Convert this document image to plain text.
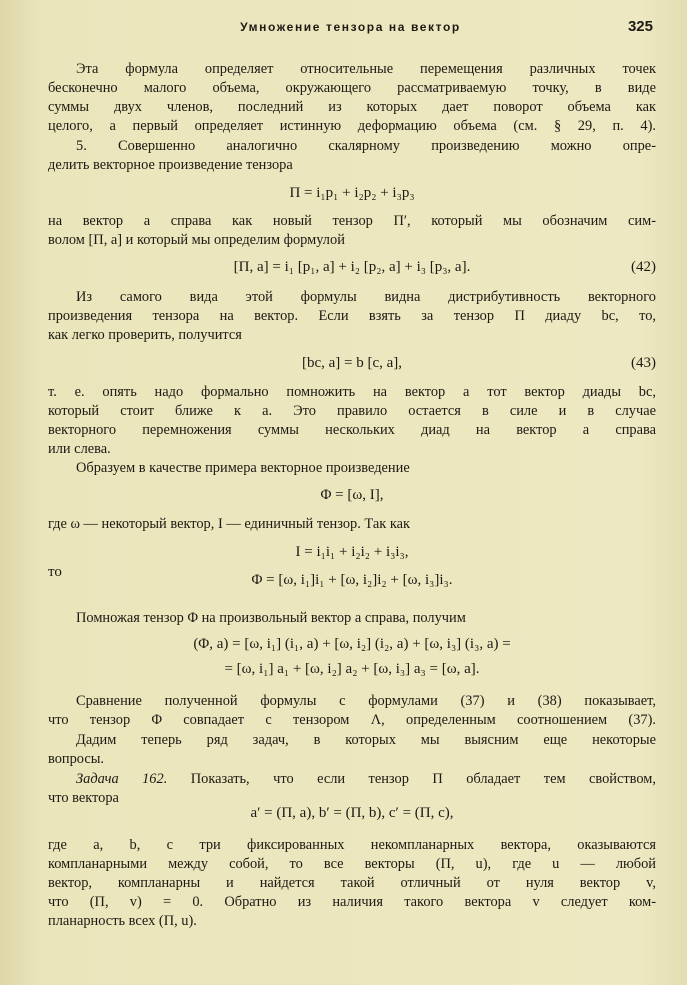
Умножение тензора на вектор	325
Эта формула определяет относительные перемещения различных точек
бесконечно малого объема, окружающего рассматриваемую точку, в виде
суммы двух членов, последний из которых дает поворот объема как
целого, а первый определяет истинную деформацию объема (см. § 29, п. 4).
5. Совершенно аналогично скалярному произведению можно опре-
делить векторное произведение тензора
П = i₁p₁ + i₂p₂ + i₃p₃
на вектор a справа как новый тензор П′, который мы обозначим сим-
волом [П, a] и который мы определим формулой
[П, a] = i₁ [p₁, a] + i₂ [p₂, a] + i₃ [p₃, a].	(42)
Из самого вида этой формулы видна дистрибутивность векторного
произведения тензора на вектор. Если взять за тензор П диаду bc, то,
как легко проверить, получится
[bc, a] = b [c, a],	(43)
т. е. опять надо формально помножить на вектор a тот вектор диады bc,
который стоит ближе к a. Это правило остается в силе и в случае
векторного перемножения суммы нескольких диад на вектор a справа
или слева.
Образуем в качестве примера векторное произведение
Φ = [ω, I],
где ω — некоторый вектор, I — единичный тензор. Так как
I = i₁i₁ + i₂i₂ + i₃i₃,
то	Φ = [ω, i₁]i₁ + [ω, i₂]i₂ + [ω, i₃]i₃.
Помножая тензор Φ на произвольный вектор a справа, получим
(Φ, a) = [ω, i₁] (i₁, a) + [ω, i₂] (i₂, a) + [ω, i₃] (i₃, a) =
= [ω, i₁] a₁ + [ω, i₂] a₂ + [ω, i₃] a₃ = [ω, a].
Сравнение полученной формулы с формулами (37) и (38) показывает,
что тензор Φ совпадает с тензором Λ, определенным соотношением (37).
Дадим теперь ряд задач, в которых мы выясним еще некоторые
вопросы.
Задача 162. Показать, что если тензор П обладает тем свойством,
что вектора
a′ = (П, a), b′ = (П, b), c′ = (П, c),
где a, b, c три фиксированных некомпланарных вектора, оказываются
компланарными между собой, то все векторы (П, u), где u — любой
вектор, компланарны и найдется такой отличный от нуля вектор v,
что (П, v) = 0. Обратно из наличия такого вектора v следует ком-
планарность всех (П, u).
